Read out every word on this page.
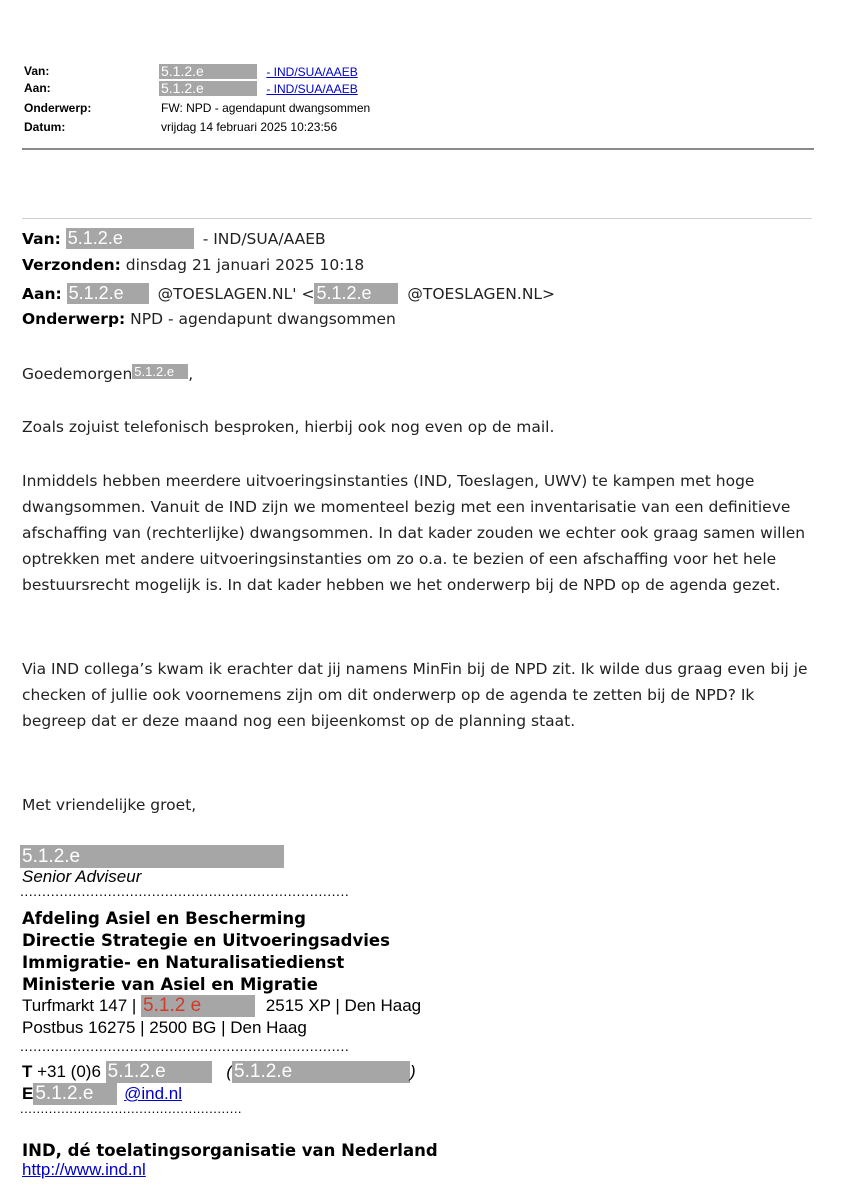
Van:	5.1.2.e	- IND/SUA/AAEB
Aan:	5.1.2.e	- IND/SUA/AAEB
Onderwerp:	FW: NPD - agendapunt dwangsommen
Datum:	vrijdag 14 februari 2025 10:23:56
Van: 5.1.2.e	- IND/SUA/AAEB
Verzonden: dinsdag 21 januari 2025 10:18
Aan: 5.1.2.e @TOESLAGEN.NL' < 5.1.2.e @TOESLAGEN.NL>
Onderwerp: NPD - agendapunt dwangsommen
Goedemorgen 5.1.2.e ,

Zoals zojuist telefonisch besproken, hierbij ook nog even op de mail.

Inmiddels hebben meerdere uitvoeringsinstanties (IND, Toeslagen, UWV) te kampen met hoge dwangsommen. Vanuit de IND zijn we momenteel bezig met een inventarisatie van een definitieve afschaffing van (rechterlijke) dwangsommen. In dat kader zouden we echter ook graag samen willen optrekken met andere uitvoeringsinstanties om zo o.a. te bezien of een afschaffing voor het hele bestuursrecht mogelijk is. In dat kader hebben we het onderwerp bij de NPD op de agenda gezet.

Via IND collega’s kwam ik erachter dat jij namens MinFin bij de NPD zit. Ik wilde dus graag even bij je checken of jullie ook voornemens zijn om dit onderwerp op de agenda te zetten bij de NPD? Ik begreep dat er deze maand nog een bijeenkomst op de planning staat.

Met vriendelijke groet,

5.1.2.e
Senior Adviseur
...........................................................................
Afdeling Asiel en Bescherming
Directie Strategie en Uitvoeringsadvies
Immigratie- en Naturalisatiedienst
Ministerie van Asiel en Migratie
Turfmarkt 147 | 5.1.2 e	2515 XP | Den Haag
Postbus 16275 | 2500 BG | Den Haag
...........................................................................
T +31 (0)6 5.1.2.e	( 5.1.2.e	)
E 5.1.2.e @ind.nl
......................................................
IND, dé toelatingsorganisatie van Nederland
http://www.ind.nl
